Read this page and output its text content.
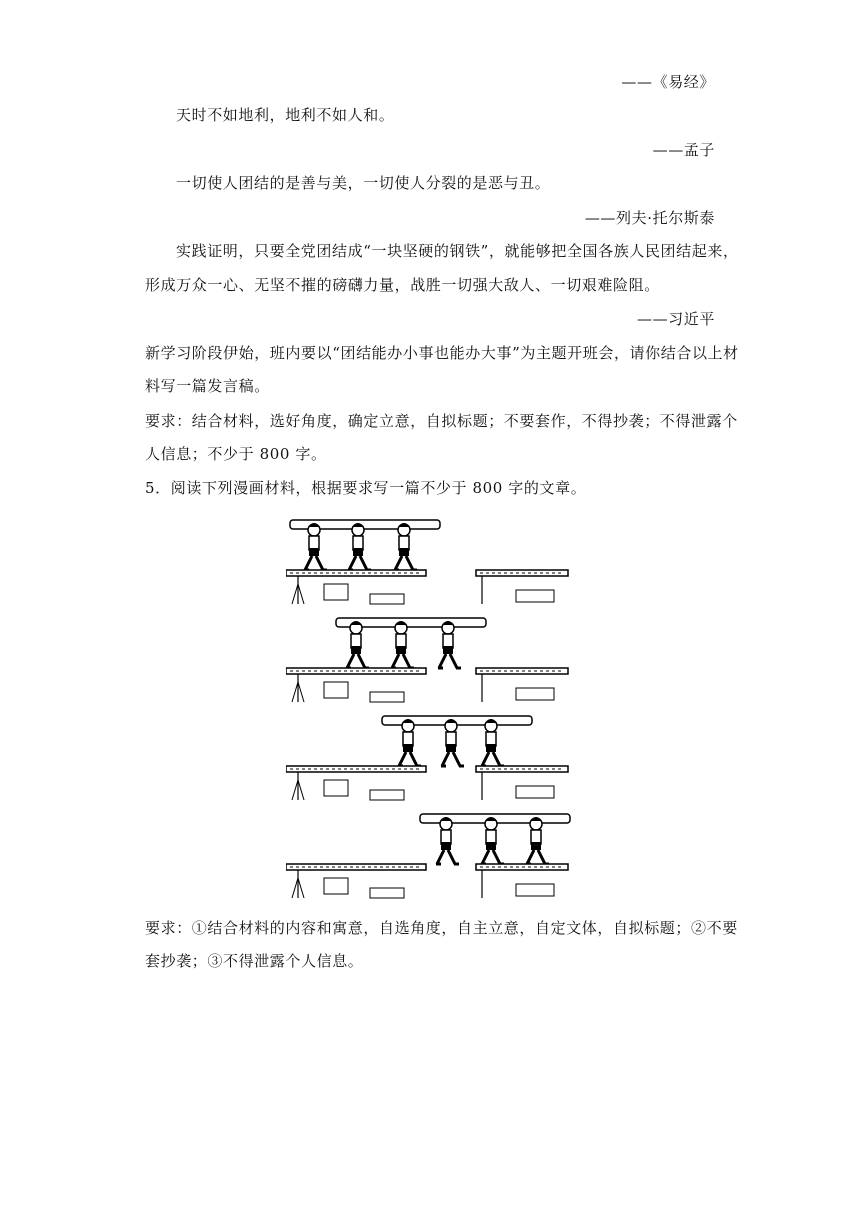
——《易经》
天时不如地利，地利不如人和。
——孟子
一切使人团结的是善与美，一切使人分裂的是恶与丑。
——列夫·托尔斯泰
实践证明，只要全党团结成“一块坚硬的钢铁”，就能够把全国各族人民团结起来，
形成万众一心、无坚不摧的磅礴力量，战胜一切强大敌人、一切艰难险阻。
——习近平
新学习阶段伊始，班内要以“团结能办小事也能办大事”为主题开班会，请你结合以上材
料写一篇发言稿。
要求：结合材料，选好角度，确定立意，自拟标题；不要套作，不得抄袭；不得泄露个
人信息；不少于 800 字。
5．阅读下列漫画材料，根据要求写一篇不少于 800 字的文章。
要求：①结合材料的内容和寓意，自选角度，自主立意，自定文体，自拟标题；②不要
套抄袭；③不得泄露个人信息。
